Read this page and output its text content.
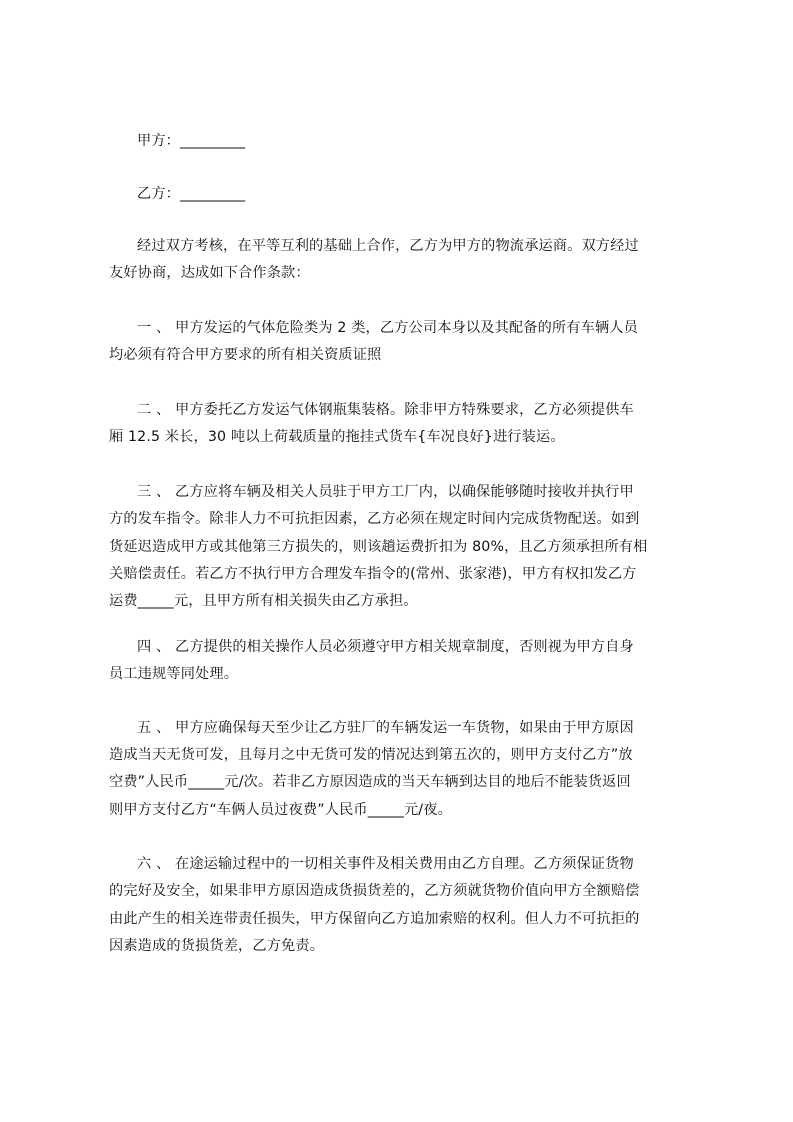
甲方：_________
乙方：_________
经过双方考核，在平等互利的基础上合作，乙方为甲方的物流承运商。双方经过
友好协商，达成如下合作条款：
一 、 甲方发运的气体危险类为 2 类，乙方公司本身以及其配备的所有车辆人员
均必须有符合甲方要求的所有相关资质证照
二 、 甲方委托乙方发运气体钢瓶集装格。除非甲方特殊要求，乙方必须提供车
厢 12.5 米长，30 吨以上荷载质量的拖挂式货车{车况良好}进行装运。
三 、 乙方应将车辆及相关人员驻于甲方工厂内，以确保能够随时接收并执行甲
方的发车指令。除非人力不可抗拒因素，乙方必须在规定时间内完成货物配送。如到
货延迟造成甲方或其他第三方损失的，则该趟运费折扣为 80%，且乙方须承担所有相
关赔偿责任。若乙方不执行甲方合理发车指令的(常州、张家港)，甲方有权扣发乙方
运费_____元，且甲方所有相关损失由乙方承担。
四 、 乙方提供的相关操作人员必须遵守甲方相关规章制度，否则视为甲方自身
员工违规等同处理。
五 、 甲方应确保每天至少让乙方驻厂的车辆发运一车货物，如果由于甲方原因
造成当天无货可发，且每月之中无货可发的情况达到第五次的，则甲方支付乙方”放
空费”人民币_____元/次。若非乙方原因造成的当天车辆到达目的地后不能装货返回
则甲方支付乙方“车俩人员过夜费”人民币_____元/夜。
六 、 在途运输过程中的一切相关事件及相关费用由乙方自理。乙方须保证货物
的完好及安全，如果非甲方原因造成货损货差的，乙方须就货物价值向甲方全额赔偿
由此产生的相关连带责任损失，甲方保留向乙方追加索赔的权利。但人力不可抗拒的
因素造成的货损货差，乙方免责。
